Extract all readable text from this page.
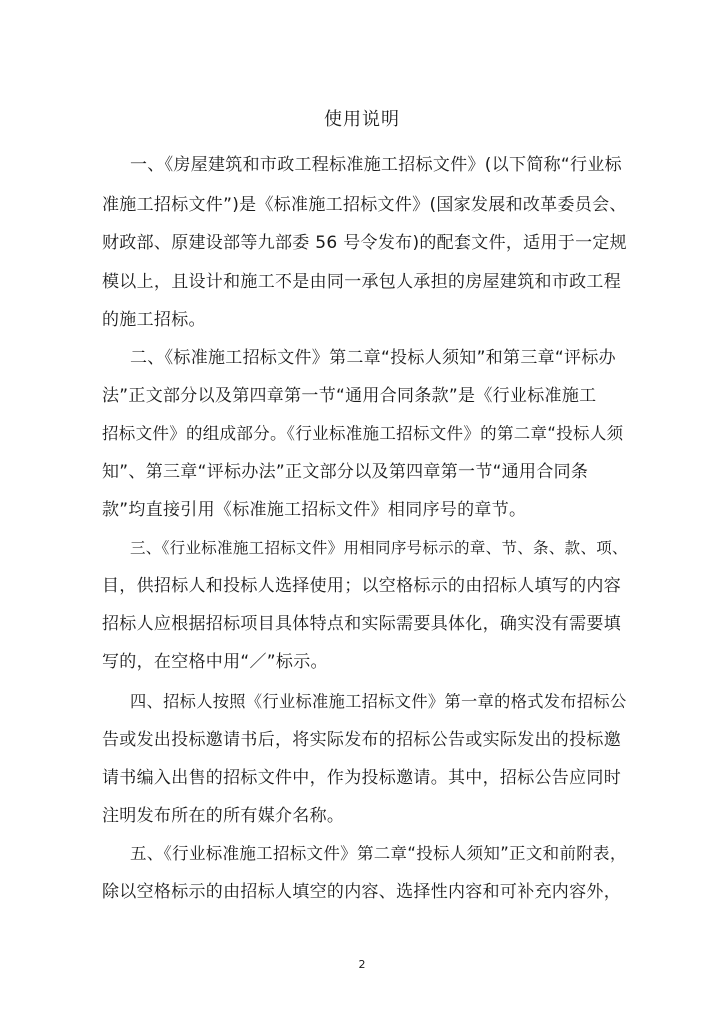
使用说明
一、《房屋建筑和市政工程标准施工招标文件》(以下简称“行业标
准施工招标文件”)是《标准施工招标文件》(国家发展和改革委员会、
财政部、原建设部等九部委 56 号令发布)的配套文件，适用于一定规
模以上，且设计和施工不是由同一承包人承担的房屋建筑和市政工程
的施工招标。
二、《标准施工招标文件》第二章“投标人须知”和第三章“评标办
法”正文部分以及第四章第一节“通用合同条款”是《行业标准施工
招标文件》的组成部分。《行业标准施工招标文件》的第二章“投标人须
知”、第三章“评标办法”正文部分以及第四章第一节“通用合同条
款”均直接引用《标准施工招标文件》相同序号的章节。
三、《行业标准施工招标文件》用相同序号标示的章、节、条、款、项、
目，供招标人和投标人选择使用；以空格标示的由招标人填写的内容
招标人应根据招标项目具体特点和实际需要具体化，确实没有需要填
写的，在空格中用“／”标示。
四、招标人按照《行业标准施工招标文件》第一章的格式发布招标公
告或发出投标邀请书后，将实际发布的招标公告或实际发出的投标邀
请书编入出售的招标文件中，作为投标邀请。其中，招标公告应同时
注明发布所在的所有媒介名称。
五、《行业标准施工招标文件》第二章“投标人须知”正文和前附表，
除以空格标示的由招标人填空的内容、选择性内容和可补充内容外，
2
